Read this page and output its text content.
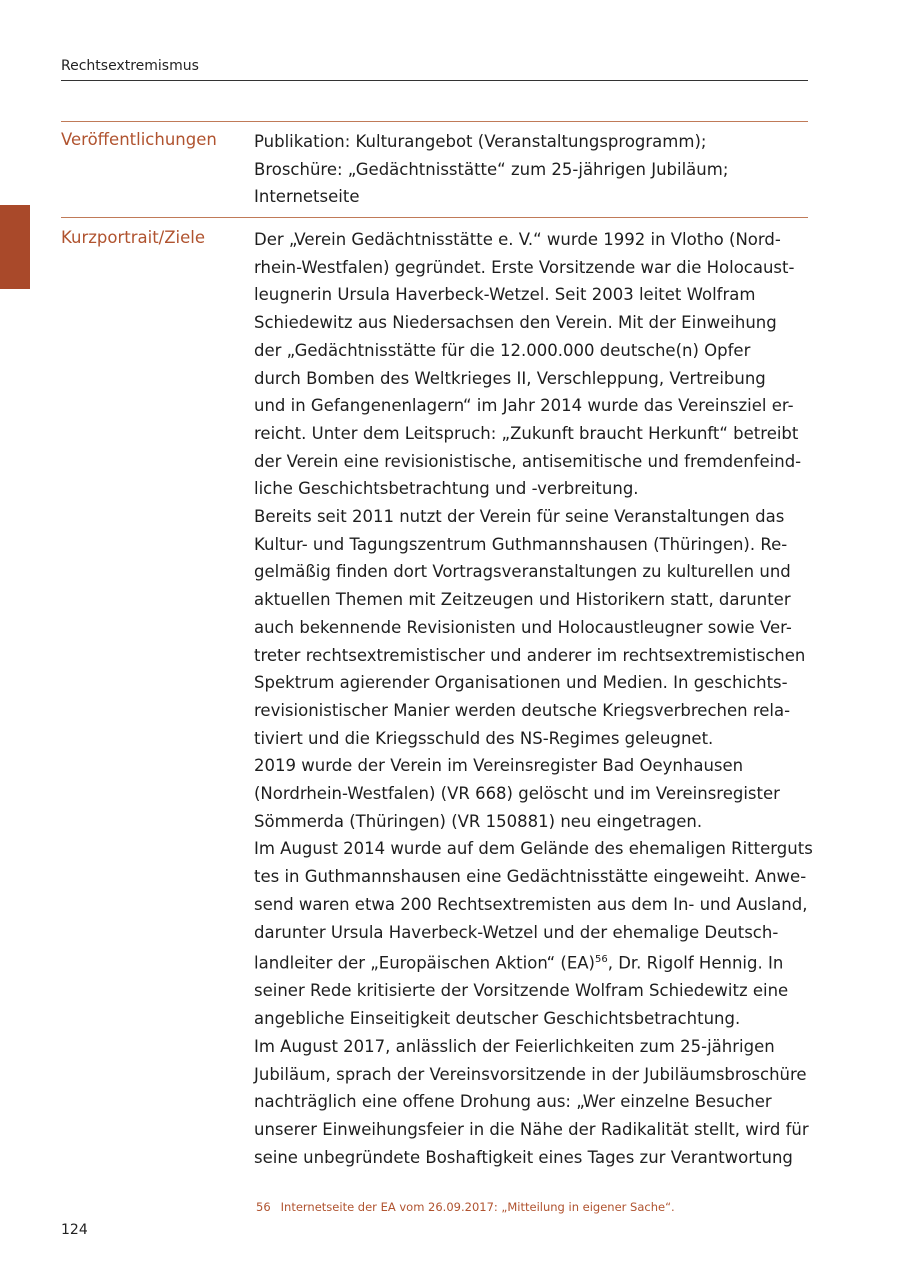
Rechtsextremismus
Veröffentlichungen Publikation: Kulturangebot (Veranstaltungsprogramm);
Broschüre: „Gedächtnisstätte“ zum 25-jährigen Jubiläum;
Internetseite
Kurzportrait/Ziele	Der „Verein Gedächtnisstätte e. V.“ wurde 1992 in Vlotho (Nord-
rhein-Westfalen) gegründet. Erste Vorsitzende war die Holocaust-
leugnerin Ursula Haverbeck-Wetzel. Seit 2003 leitet Wolfram
Schiedewitz aus Niedersachsen den Verein. Mit der Einweihung
der „Gedächtnisstätte für die 12.000.000 deutsche(n) Opfer
durch Bomben des Weltkrieges II, Verschleppung, Vertreibung
und in Gefangenenlagern“ im Jahr 2014 wurde das Vereinsziel er-
reicht. Unter dem Leitspruch: „Zukunft braucht Herkunft“ betreibt
der Verein eine revisionistische, antisemitische und fremdenfeind-
liche Geschichtsbetrachtung und -verbreitung.
Bereits seit 2011 nutzt der Verein für seine Veranstaltungen das
Kultur- und Tagungszentrum Guthmannshausen (Thüringen). Re-
gelmäßig finden dort Vortragsveranstaltungen zu kulturellen und
aktuellen Themen mit Zeitzeugen und Historikern statt, darunter
auch bekennende Revisionisten und Holocaustleugner sowie Ver-
treter rechtsextremistischer und anderer im rechtsextremistischen
Spektrum agierender Organisationen und Medien. In geschichts-
revisionistischer Manier werden deutsche Kriegsverbrechen rela-
tiviert und die Kriegsschuld des NS-Regimes geleugnet.
2019 wurde der Verein im Vereinsregister Bad Oeynhausen
(Nordrhein-Westfalen) (VR 668) gelöscht und im Vereinsregister
Sömmerda (Thüringen) (VR 150881) neu eingetragen.
Im August 2014 wurde auf dem Gelände des ehemaligen Ritterguts
tes in Guthmannshausen eine Gedächtnisstätte eingeweiht. Anwe-
send waren etwa 200 Rechtsextremisten aus dem In- und Ausland,
darunter Ursula Haverbeck-Wetzel und der ehemalige Deutsch-
landleiter der „Europäischen Aktion“ (EA)$^{56}$, Dr. Rigolf Hennig. In
seiner Rede kritisierte der Vorsitzende Wolfram Schiedewitz eine
angebliche Einseitigkeit deutscher Geschichtsbetrachtung.
Im August 2017, anlässlich der Feierlichkeiten zum 25-jährigen
Jubiläum, sprach der Vereinsvorsitzende in der Jubiläumsbroschüre
nachträglich eine offene Drohung aus: „Wer einzelne Besucher
unserer Einweihungsfeier in die Nähe der Radikalität stellt, wird für
seine unbegründete Boshaftigkeit eines Tages zur Verantwortung
56 Internetseite der EA vom 26.09.2017: „Mitteilung in eigener Sache“.
124
